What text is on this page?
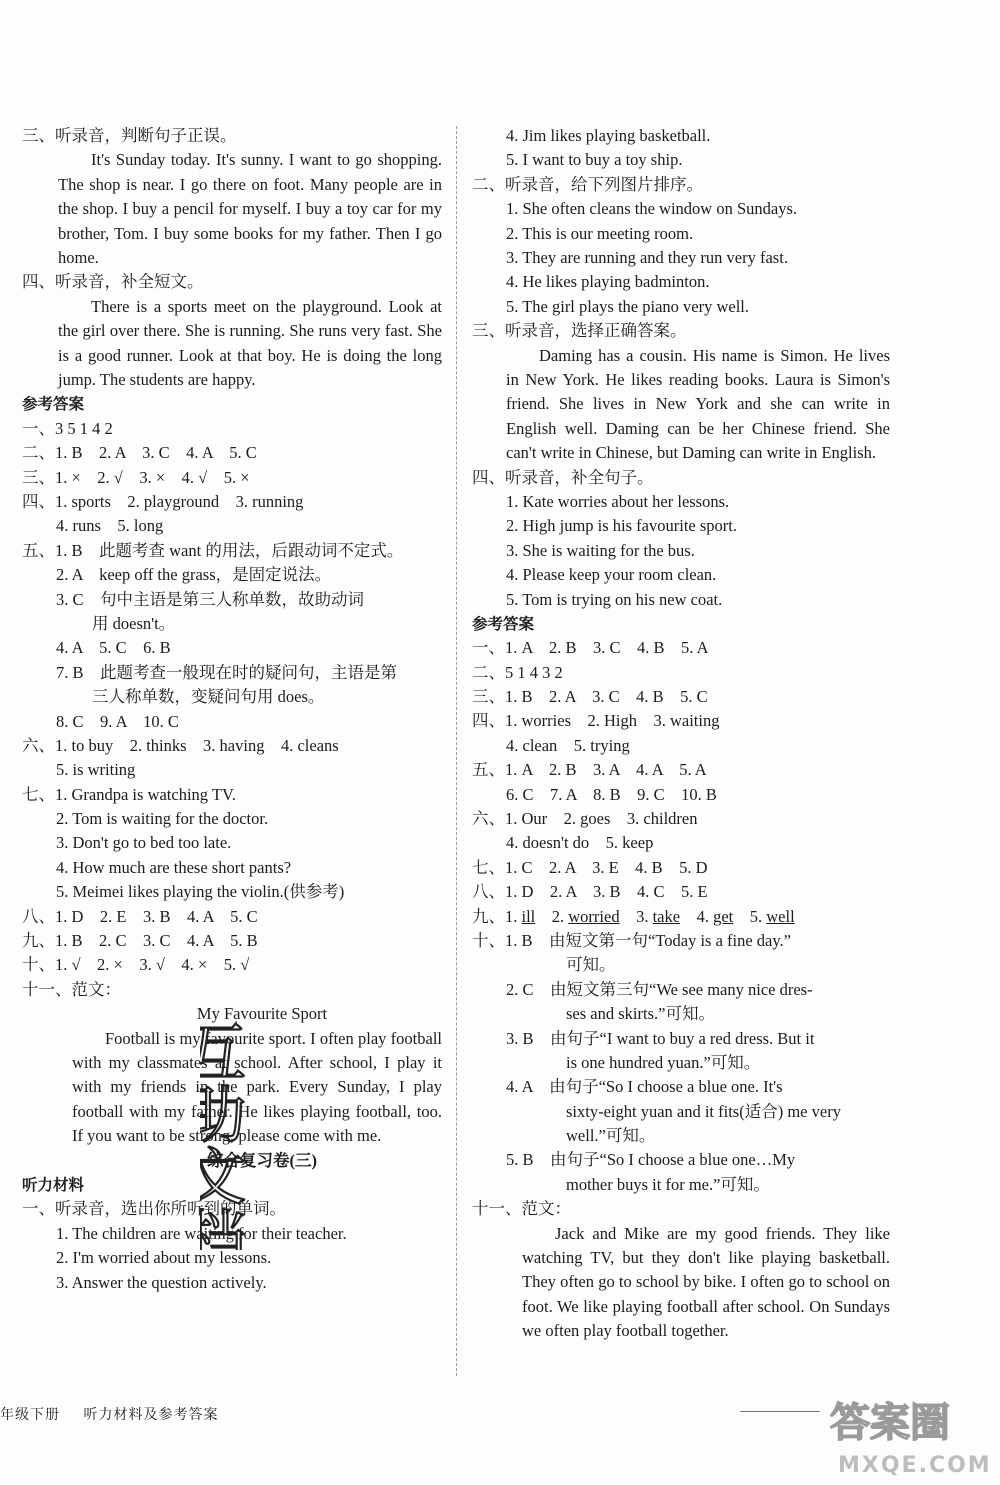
三、听录音，判断句子正误。

It's Sunday today. It's sunny. I want to go shopping. The shop is near. I go there on foot. Many people are in the shop. I buy a pencil for myself. I buy a toy car for my brother, Tom. I buy some books for my father. Then I go home.

四、听录音，补全短文。

There is a sports meet on the playground. Look at the girl over there. She is running. She runs very fast. She is a good runner. Look at that boy. He is doing the long jump. The students are happy.

参考答案
一、3 5 1 4 2
二、1. B　2. A　3. C　4. A　5. C
三、1. ×　2. √　3. ×　4. √　5. ×
四、1. sports　2. playground　3. running
4. runs　5. long
五、1. B　此题考查 want 的用法，后跟动词不定式。
2. A　keep off the grass，是固定说法。
3. C　句中主语是第三人称单数，故助动词
用 doesn't。
4. A　5. C　6. B
7. B　此题考查一般现在时的疑问句，主语是第
三人称单数，变疑问句用 does。
8. C　9. A　10. C
六、1. to buy　2. thinks　3. having　4. cleans
5. is writing
七、1. Grandpa is watching TV.
2. Tom is waiting for the doctor.
3. Don't go to bed too late.
4. How much are these short pants?
5. Meimei likes playing the violin.(供参考)
八、1. D　2. E　3. B　4. A　5. C
九、1. B　2. C　3. C　4. A　5. B
十、1. √　2. ×　3. √　4. ×　5. √
十一、范文：
My Favourite Sport

Football is my favourite sport. I often play football with my classmates at school. After school, I play it with my friends in the park. Every Sunday, I play football with my father. He likes playing football, too. If you want to be strong, please come with me.

综合复习卷(三)
听力材料
一、听录音，选出你所听到的单词。
1. The children are waiting for their teacher.
2. I'm worried about my lessons.
3. Answer the question actively.
4. Jim likes playing basketball.
5. I want to buy a toy ship.
二、听录音，给下列图片排序。
1. She often cleans the window on Sundays.
2. This is our meeting room.
3. They are running and they run very fast.
4. He likes playing badminton.
5. The girl plays the piano very well.
三、听录音，选择正确答案。

Daming has a cousin. His name is Simon. He lives in New York. He likes reading books. Laura is Simon's friend. She lives in New York and she can write in English well. Daming can be her Chinese friend. She can't write in Chinese, but Daming can write in English.

四、听录音，补全句子。
1. Kate worries about her lessons.
2. High jump is his favourite sport.
3. She is waiting for the bus.
4. Please keep your room clean.
5. Tom is trying on his new coat.
参考答案
一、1. A　2. B　3. C　4. B　5. A
二、5 1 4 3 2
三、1. B　2. A　3. C　4. B　5. C
四、1. worries　2. High　3. waiting
4. clean　5. trying
五、1. A　2. B　3. A　4. A　5. A
6. C　7. A　8. B　9. C　10. B
六、1. Our　2. goes　3. children
4. doesn't do　5. keep
七、1. C　2. A　3. E　4. B　5. D
八、1. D　2. A　3. B　4. C　5. E
九、1. ill　2. worried　3. take　4. get　5. well
十、1. B　由短文第一句“Today is a fine day.”
可知。
2. C　由短文第三句“We see many nice dres-
ses and skirts.”可知。
3. B　由句子“I want to buy a red dress. But it
is one hundred yuan.”可知。
4. A　由句子“So I choose a blue one. It's
sixty-eight yuan and it fits(适合) me very
well.”可知。
5. B　由句子“So I choose a blue one…My
mother buys it for me.”可知。
十一、范文：

Jack and Mike are my good friends. They like watching TV, but they don't like playing basketball. They often go to school by bike. I often go to school on foot. We like playing football after school. On Sundays we often play football together.

年级下册 听力材料及参考答案	答案圈
MXQE.COM
互助文档
